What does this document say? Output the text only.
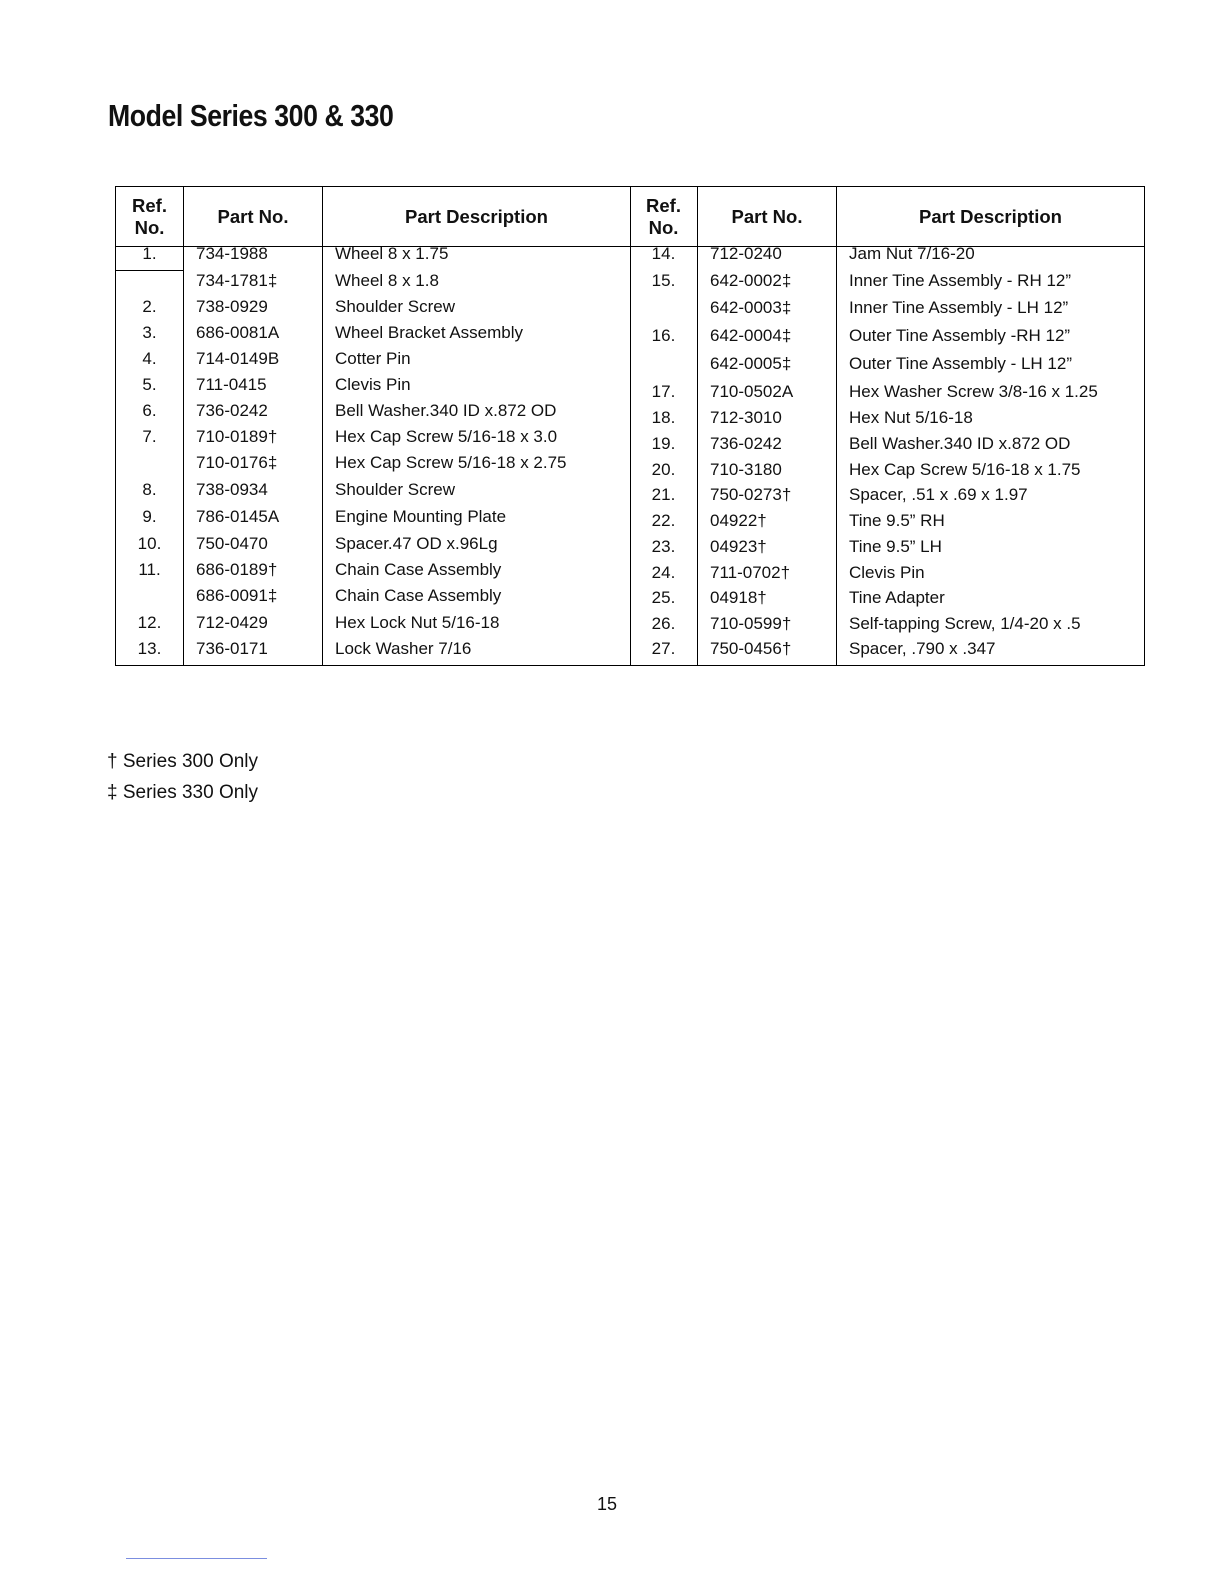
Model Series 300 & 330
Ref.
No.
Part No.	Part Description
1.	734-1988	Wheel 8 x 1.75
734-1781‡	Wheel 8 x 1.8
2.	738-0929	Shoulder Screw
3.	686-0081A	Wheel Bracket Assembly
4.	714-0149B	Cotter Pin
5.	711-0415	Clevis Pin
6.	736-0242	Bell Washer.340 ID x.872 OD
7.	710-0189†	Hex Cap Screw 5/16-18 x 3.0
710-0176‡	Hex Cap Screw 5/16-18 x 2.75
8.	738-0934	Shoulder Screw
9.	786-0145A	Engine Mounting Plate
10.	750-0470	Spacer.47 OD x.96Lg
11.	686-0189†	Chain Case Assembly
686-0091‡	Chain Case Assembly
12.	712-0429	Hex Lock Nut 5/16-18
13.	736-0171	Lock Washer 7/16
Ref.
No.
Part No.	Part Description
14.	712-0240	Jam Nut 7/16-20
15.	642-0002‡	Inner Tine Assembly - RH 12”
642-0003‡	Inner Tine Assembly - LH 12”
16.	642-0004‡	Outer Tine Assembly -RH 12”
642-0005‡	Outer Tine Assembly - LH 12”
17.	710-0502A	Hex Washer Screw 3/8-16 x 1.25
18.	712-3010	Hex Nut 5/16-18
19.	736-0242	Bell Washer.340 ID x.872 OD
20.	710-3180	Hex Cap Screw 5/16-18 x 1.75
21.	750-0273†	Spacer, .51 x .69 x 1.97
22.	04922†	Tine 9.5” RH
23.	04923†	Tine 9.5” LH
24.	711-0702†	Clevis Pin
25.	04918†	Tine Adapter
26.	710-0599†	Self-tapping Screw, 1/4-20 x .5
27.	750-0456†	Spacer, .790 x .347
† Series 300 Only
‡ Series 330 Only
15
